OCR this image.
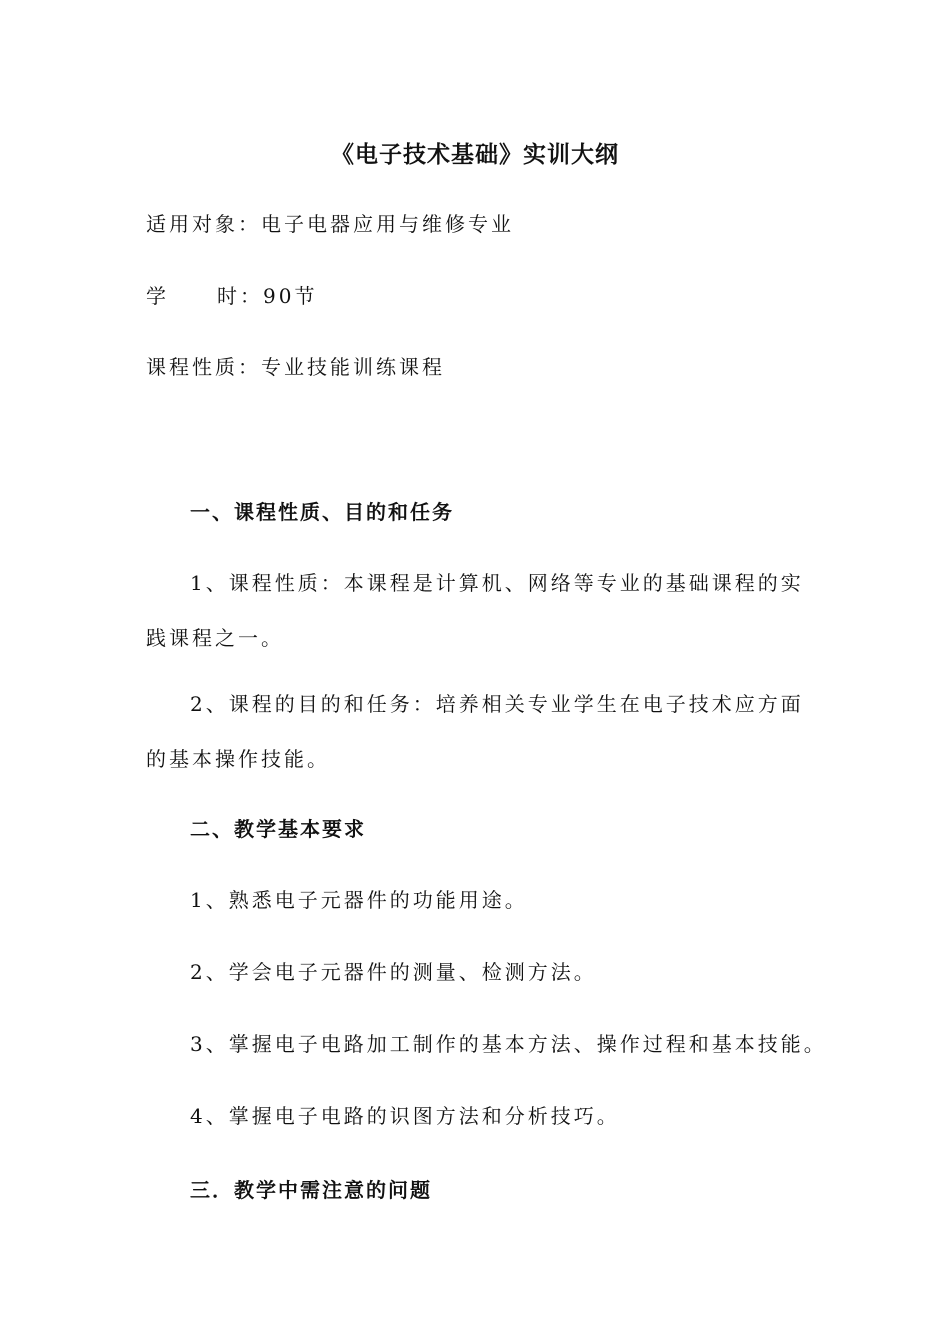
《电子技术基础》实训大纲
适用对象：电子电器应用与维修专业
学 时：90节
课程性质：专业技能训练课程
一、课程性质、目的和任务
1、课程性质：本课程是计算机、网络等专业的基础课程的实践课程之一。
2、课程的目的和任务：培养相关专业学生在电子技术应方面的基本操作技能。
二、教学基本要求
1、熟悉电子元器件的功能用途。
2、学会电子元器件的测量、检测方法。
3、掌握电子电路加工制作的基本方法、操作过程和基本技能。
4、掌握电子电路的识图方法和分析技巧。
三．教学中需注意的问题
